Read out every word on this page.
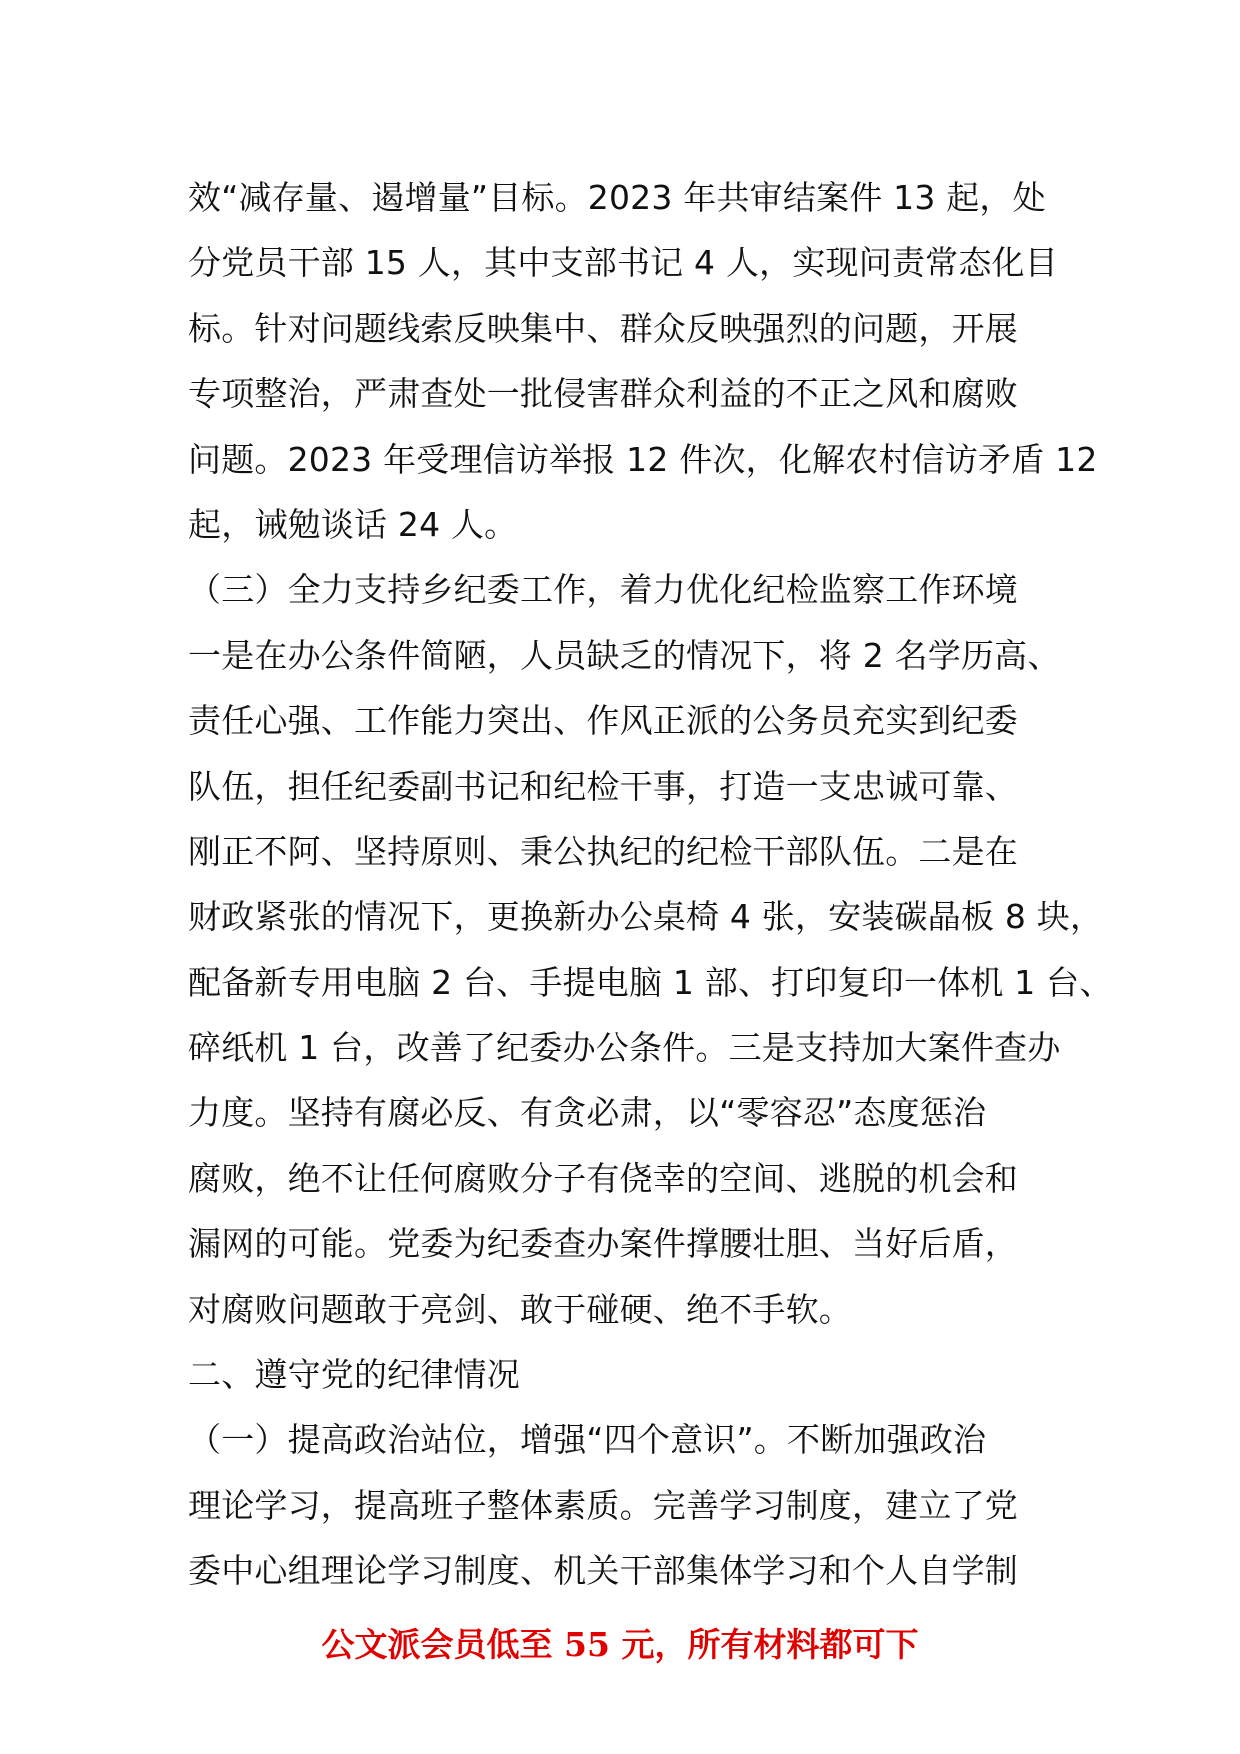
效“减存量、遏增量”目标。2023 年共审结案件 13 起，处
分党员干部 15 人，其中支部书记 4 人，实现问责常态化目
标。针对问题线索反映集中、群众反映强烈的问题，开展
专项整治，严肃查处一批侵害群众利益的不正之风和腐败
问题。2023 年受理信访举报 12 件次，化解农村信访矛盾 12
起，诫勉谈话 24 人。
（三）全力支持乡纪委工作，着力优化纪检监察工作环境
一是在办公条件简陋，人员缺乏的情况下，将 2 名学历高、
责任心强、工作能力突出、作风正派的公务员充实到纪委
队伍，担任纪委副书记和纪检干事，打造一支忠诚可靠、
刚正不阿、坚持原则、秉公执纪的纪检干部队伍。二是在
财政紧张的情况下，更换新办公桌椅 4 张，安装碳晶板 8 块，
配备新专用电脑 2 台、手提电脑 1 部、打印复印一体机 1 台、
碎纸机 1 台，改善了纪委办公条件。三是支持加大案件查办
力度。坚持有腐必反、有贪必肃，以“零容忍”态度惩治
腐败，绝不让任何腐败分子有侥幸的空间、逃脱的机会和
漏网的可能。党委为纪委查办案件撑腰壮胆、当好后盾，
对腐败问题敢于亮剑、敢于碰硬、绝不手软。
二、遵守党的纪律情况
（一）提高政治站位，增强“四个意识”。不断加强政治
理论学习，提高班子整体素质。完善学习制度，建立了党
委中心组理论学习制度、机关干部集体学习和个人自学制
公文派会员低至 55 元，所有材料都可下
